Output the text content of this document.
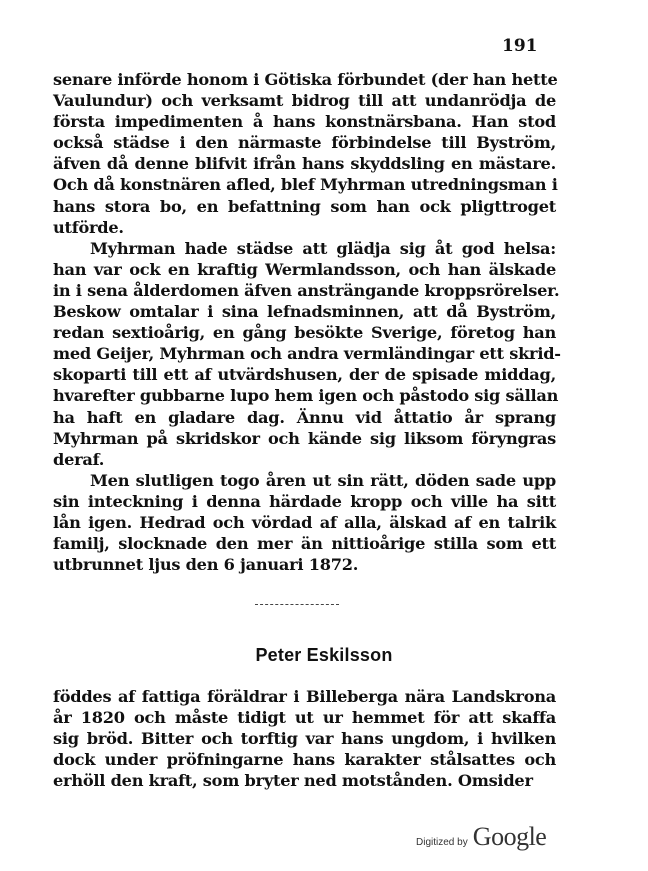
191
senare införde honom i Götiska förbundet (der han hette
Vaulundur) och verksamt bidrog till att undanrödja de
första impedimenten å hans konstnärsbana. Han stod
också städse i den närmaste förbindelse till Byström,
äfven då denne blifvit ifrån hans skyddsling en mästare.
Och då konstnären afled, blef Myhrman utredningsman i
hans stora bo, en befattning som han ock pligttroget
utförde.
Myhrman hade städse att glädja sig åt god helsa:
han var ock en kraftig Wermlandsson, och han älskade
in i sena ålderdomen äfven ansträngande kroppsrörelser.
Beskow omtalar i sina lefnadsminnen, att då Byström,
redan sextioårig, en gång besökte Sverige, företog han
med Geijer, Myhrman och andra vermländingar ett skrid-
skoparti till ett af utvärdshusen, der de spisade middag,
hvarefter gubbarne lupo hem igen och påstodo sig sällan
ha haft en gladare dag. Ännu vid åttatio år sprang
Myhrman på skridskor och kände sig liksom föryngras
deraf.
Men slutligen togo åren ut sin rätt, döden sade upp
sin inteckning i denna härdade kropp och ville ha sitt
lån igen. Hedrad och vördad af alla, älskad af en talrik
familj, slocknade den mer än nittioårige stilla som ett
utbrunnet ljus den 6 januari 1872.
Peter Eskilsson
föddes af fattiga föräldrar i Billeberga nära Landskrona
år 1820 och måste tidigt ut ur hemmet för att skaffa
sig bröd. Bitter och torftig var hans ungdom, i hvilken
dock under pröfningarne hans karakter stålsattes och
erhöll den kraft, som bryter ned motstånden. Omsider
Digitized by Google
